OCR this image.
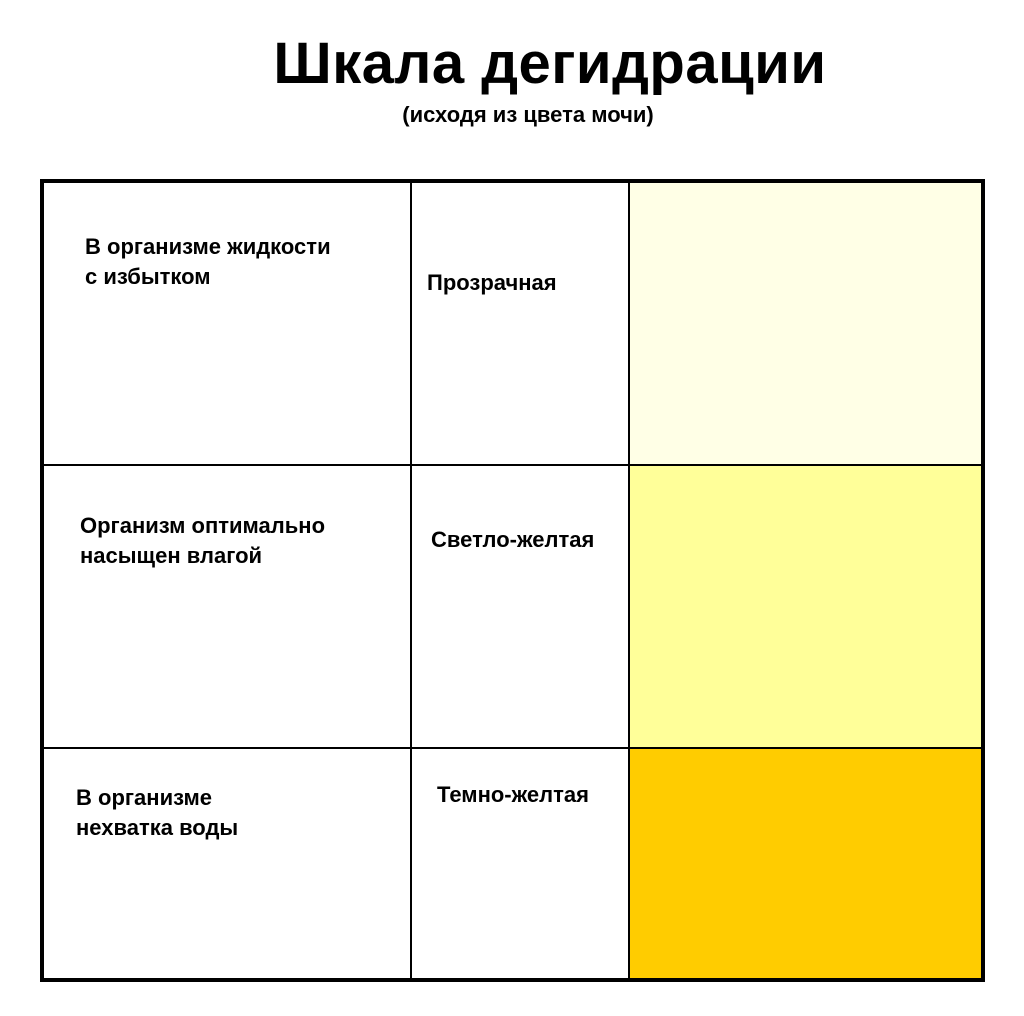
Шкала дегидрации
(исходя из цвета мочи)
В организме жидкости
с избытком	Прозрачная
Организм оптимально
насыщен влагой
Светло-желтая
В организме
нехватка воды
Темно-желтая
